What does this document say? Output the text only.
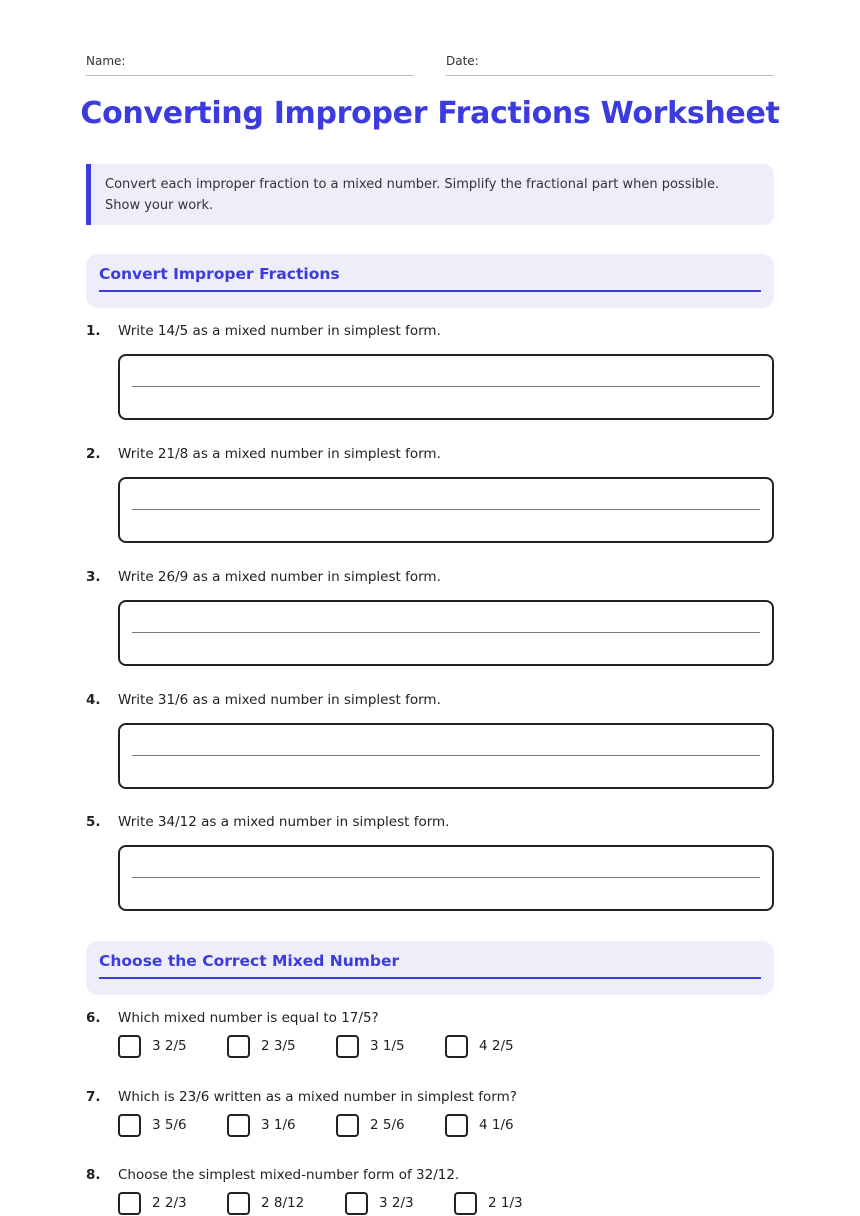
Name:	Date:
Converting Improper Fractions Worksheet
Convert each improper fraction to a mixed number. Simplify the fractional part when possible. Show your work.
Convert Improper Fractions
1. Write 14/5 as a mixed number in simplest form.
2. Write 21/8 as a mixed number in simplest form.
3. Write 26/9 as a mixed number in simplest form.
4. Write 31/6 as a mixed number in simplest form.
5. Write 34/12 as a mixed number in simplest form.
Choose the Correct Mixed Number
6. Which mixed number is equal to 17/5?
3 2/5	2 3/5	3 1/5	4 2/5
7. Which is 23/6 written as a mixed number in simplest form?
3 5/6	3 1/6	2 5/6	4 1/6
8. Choose the simplest mixed-number form of 32/12.
2 2/3	2 8/12	3 2/3	2 1/3
